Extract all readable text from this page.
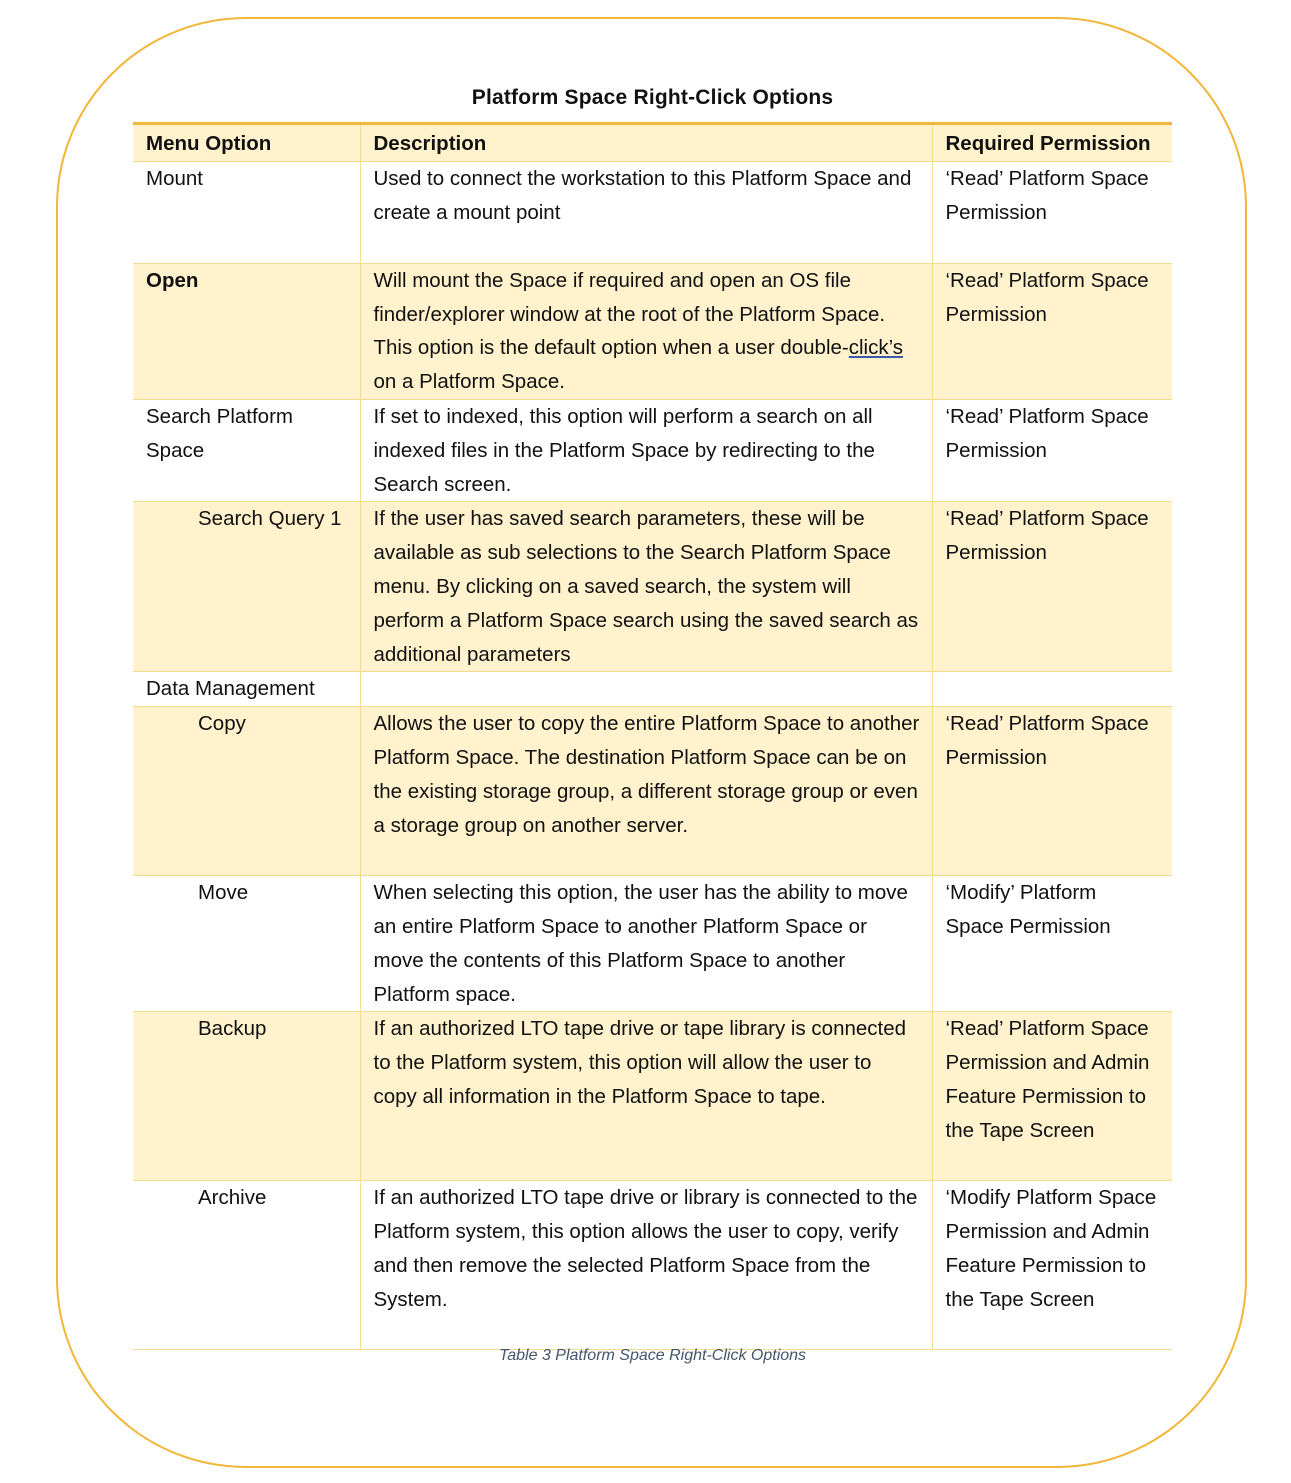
Platform Space Right-Click Options
Menu Option	Description	Required Permission
Mount	Used to connect the workstation to this Platform Space and create a mount point	‘Read’ Platform Space Permission
Open	Will mount the Space if required and open an OS file finder/explorer window at the root of the Platform Space. This option is the default option when a user double-click’s on a Platform Space.	‘Read’ Platform Space Permission
Search Platform Space	If set to indexed, this option will perform a search on all indexed files in the Platform Space by redirecting to the Search screen.	‘Read’ Platform Space Permission
Search Query 1	If the user has saved search parameters, these will be available as sub selections to the Search Platform Space menu. By clicking on a saved search, the system will perform a Platform Space search using the saved search as additional parameters	‘Read’ Platform Space Permission
Data Management		
Copy	Allows the user to copy the entire Platform Space to another Platform Space. The destination Platform Space can be on the existing storage group, a different storage group or even a storage group on another server.	‘Read’ Platform Space Permission
Move	When selecting this option, the user has the ability to move an entire Platform Space to another Platform Space or move the contents of this Platform Space to another Platform space.	‘Modify’ Platform Space Permission
Backup	If an authorized LTO tape drive or tape library is connected to the Platform system, this option will allow the user to copy all information in the Platform Space to tape.	‘Read’ Platform Space Permission and Admin Feature Permission to the Tape Screen
Archive	If an authorized LTO tape drive or library is connected to the Platform system, this option allows the user to copy, verify and then remove the selected Platform Space from the System.	‘Modify Platform Space Permission and Admin Feature Permission to the Tape Screen
Table 3 Platform Space Right-Click Options
